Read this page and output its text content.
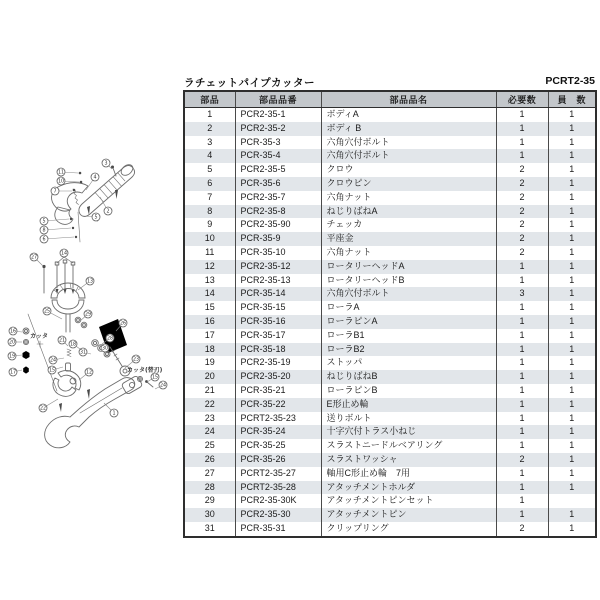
ラチェットパイプカッター	PCRT2-35
部品	部品品番	部品品名	必要数	員　数
1	PCR2-35-1	ボディA	1	1
2	PCR2-35-2	ボディ B	1	1
3	PCR-35-3	六角穴付ボルト	1	1
4	PCR-35-4	六角穴付ボルト	1	1
5	PCR2-35-5	クロウ	2	1
6	PCR-35-6	クロウピン	2	1
7	PCR2-35-7	六角ナット	2	1
8	PCR2-35-8	ねじりばねA	2	1
9	PCR2-35-90	チェッカ	2	1
10	PCR-35-9	平座金	2	1
11	PCR-35-10	六角ナット	2	1
12	PCR2-35-12	ロータリーヘッドA	1	1
13	PCR2-35-13	ロータリーヘッドB	1	1
14	PCR-35-14	六角穴付ボルト	3	1
15	PCR-35-15	ローラA	1	1
16	PCR-35-16	ローラピンA	1	1
17	PCR-35-17	ローラB1	1	1
18	PCR-35-18	ローラB2	1	1
19	PCR2-35-19	ストッパ	1	1
20	PCR2-35-20	ねじりばねB	1	1
21	PCR-35-21	ローラピンB	1	1
22	PCR-35-22	E形止め輪	1	1
23	PCRT2-35-23	送りボルト	1	1
24	PCR-35-24	十字穴付トラス小ねじ	1	1
25	PCR-35-25	スラストニードルベアリング	1	1
26	PCR-35-26	スラストワッシャ	2	1
27	PCRT2-35-27	軸用C形止め輪　7用	1	1
28	PCRT2-35-28	アタッチメントホルダ	1	1
29	PCR2-35-30K	アタッチメントピンセット	1	
30	PCR2-35-30	アタッチメントピン	1	1
31	PCR-35-31	クリップリング	2	1
3
4
11
10
7
2
5
5
8
6
27
14
13
25
29
26
28
21
18
31
30
24
15	12
23
15
24
22
1
16
20
19
17
カッタ
カッタ(替刃)
